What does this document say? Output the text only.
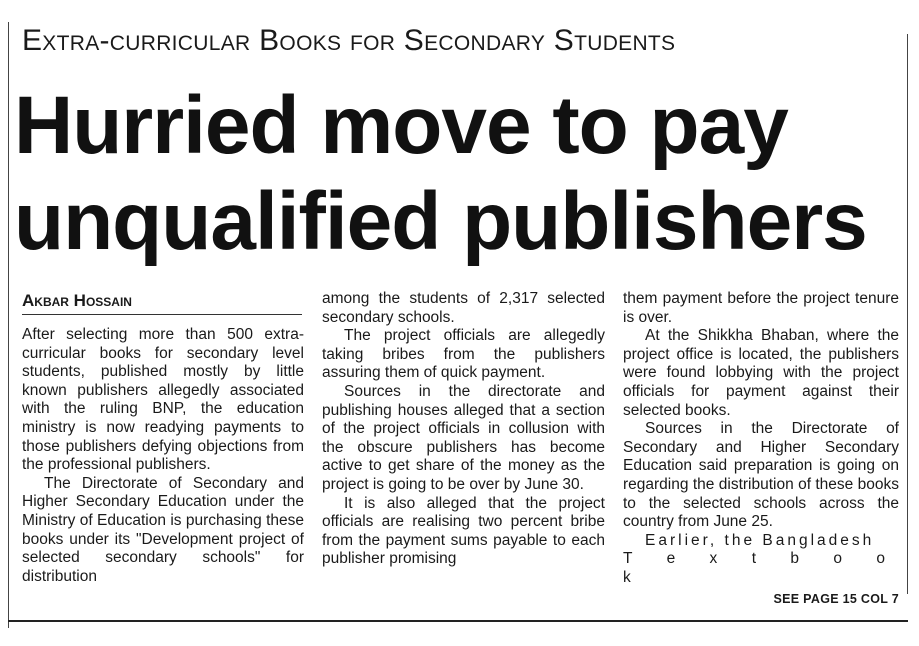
Extra-curricular Books for Secondary Students
Hurried move to pay
unqualified publishers
Akbar Hossain

After selecting more than 500 extra-curricular books for secondary level students, published mostly by little known publishers allegedly associated with the ruling BNP, the education ministry is now readying payments to those publishers defying objections from the professional publishers.

The Directorate of Secondary and Higher Secondary Education under the Ministry of Education is purchasing these books under its "Development project of selected secondary schools" for distribution

among the students of 2,317 selected secondary schools.

The project officials are allegedly taking bribes from the publishers assuring them of quick payment.

Sources in the directorate and publishing houses alleged that a section of the project officials in collusion with the obscure publishers has become active to get share of the money as the project is going to be over by June 30.

It is also alleged that the project officials are realising two percent bribe from the payment sums payable to each publisher promising

them payment before the project tenure is over.

At the Shikkha Bhaban, where the project office is located, the publishers were found lobbying with the project officials for payment against their selected books.

Sources in the Directorate of Secondary and Higher Secondary Education said preparation is going on regarding the distribution of these books to the selected schools across the country from June 25.

Earlier, the Bangladesh

T e x t b o o k

SEE PAGE 15 COL 7
